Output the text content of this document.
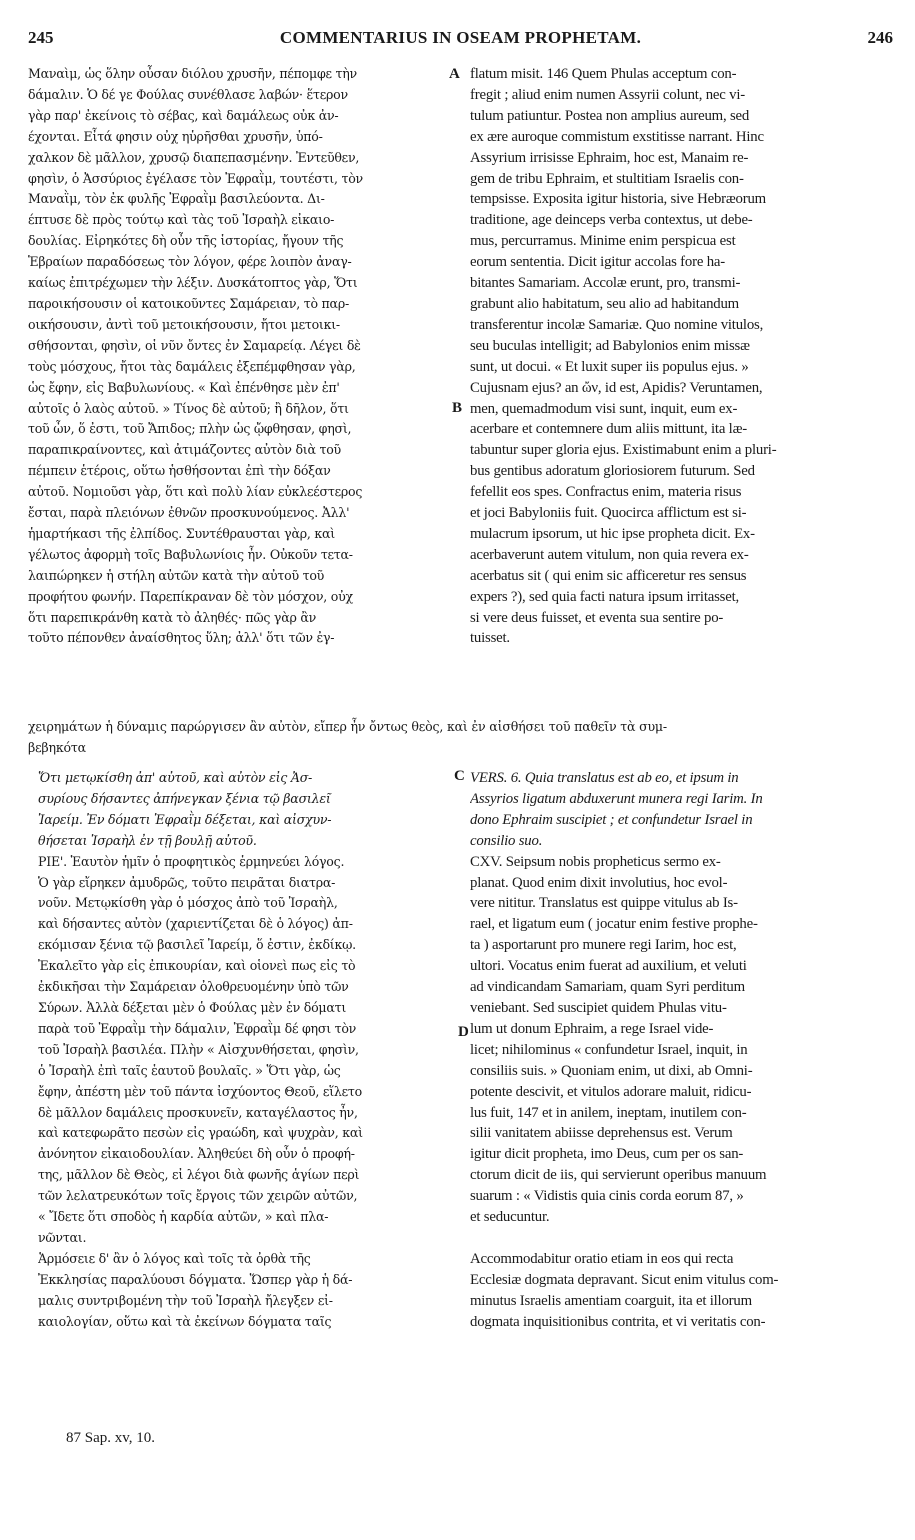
245	COMMENTARIUS IN OSEAM PROPHETAM.	246
Μαναὶμ, ὡς ὅλην οὖσαν διόλου χρυσῆν, πέπομφε τὴν
δάμαλιν. Ὁ δέ γε Φούλας συνέθλασε λαβών· ἕτερον
γὰρ παρ' ἐκείνοις τὸ σέβας, καὶ δαμάλεως οὐκ ἀν-
έχονται. Εἶτά φησιν οὐχ ηὑρῆσθαι χρυσῆν, ὑπό-
χαλκον δὲ μᾶλλον, χρυσῷ διαπεπασμένην. Ἐντεῦθεν,
φησὶν, ὁ Ἀσσύριος ἐγέλασε τὸν Ἐφραῒμ, τουτέστι, τὸν
Μαναῒμ, τὸν ἐκ φυλῆς Ἐφραῒμ βασιλεύοντα. Δι-
έπτυσε δὲ πρὸς τούτῳ καὶ τὰς τοῦ Ἰσραὴλ εἰκαιο-
δουλίας. Εἰρηκότες δὴ οὖν τῆς ἱστορίας, ἤγουν τῆς
Ἑβραίων παραδόσεως τὸν λόγον, φέρε λοιπὸν ἀναγ-
καίως ἐπιτρέχωμεν τὴν λέξιν. Δυσκάτοπτος γὰρ, Ὅτι
παροικήσουσιν οἱ κατοικοῦντες Σαμάρειαν, τὸ παρ-
οικήσουσιν, ἀντὶ τοῦ μετοικήσουσιν, ἤτοι μετοικι-
σθήσονται, φησὶν, οἱ νῦν ὄντες ἐν Σαμαρείᾳ. Λέγει δὲ
τοὺς μόσχους, ἤτοι τὰς δαμάλεις ἐξεπέμφθησαν γὰρ,
ὡς ἔφην, εἰς Βαβυλωνίους. « Καὶ ἐπένθησε μὲν ἐπ'
αὐτοῖς ὁ λαὸς αὐτοῦ. » Τίνος δὲ αὐτοῦ; ἢ δῆλον, ὅτι
τοῦ ὦν, ὅ ἐστι, τοῦ Ἄπιδος; πλὴν ὡς ᾤφθησαν, φησὶ,
παραπικραίνοντες, καὶ ἀτιμάζοντες αὐτὸν διὰ τοῦ
πέμπειν ἑτέροις, οὕτω ἡσθήσονται ἐπὶ τὴν δόξαν
αὐτοῦ. Νομιοῦσι γὰρ, ὅτι καὶ πολὺ λίαν εὐκλεέστερος
ἔσται, παρὰ πλειόνων ἐθνῶν προσκυνούμενος. Ἀλλ'
ἡμαρτήκασι τῆς ἐλπίδος. Συντέθραυσται γὰρ, καὶ
γέλωτος ἀφορμὴ τοῖς Βαβυλωνίοις ἦν. Οὐκοῦν τετα-
λαιπώρηκεν ἡ στήλη αὐτῶν κατὰ τὴν αὐτοῦ τοῦ
προφήτου φωνήν. Παρεπίκραναν δὲ τὸν μόσχον, οὐχ
ὅτι παρεπικράνθη κατὰ τὸ ἀληθές· πῶς γὰρ ἂν
τοῦτο πέπονθεν ἀναίσθητος ὕλη; ἀλλ' ὅτι τῶν ἐγ-
flatum misit. 146 Quem Phulas acceptum con-
fregit ; aliud enim numen Assyrii colunt, nec vi-
tulum patiuntur. Postea non amplius aureum, sed
ex ære auroque commistum exstitisse narrant. Hinc
Assyrium irrisisse Ephraim, hoc est, Manaim re-
gem de tribu Ephraim, et stultitiam Israelis con-
tempsisse. Exposita igitur historia, sive Hebræorum
traditione, age deinceps verba contextus, ut debe-
mus, percurramus. Minime enim perspicua est
eorum sententia. Dicit igitur accolas fore ha-
bitantes Samariam. Accolæ erunt, pro, transmi-
grabunt alio habitatum, seu alio ad habitandum
transferentur incolæ Samariæ. Quo nomine vitulos,
seu buculas intelligit; ad Babylonios enim missæ
sunt, ut docui. « Et luxit super iis populus ejus. »
Cujusnam ejus? an ὤν, id est, Apidis? Veruntamen,
men, quemadmodum visi sunt, inquit, eum ex-
acerbare et contemnere dum aliis mittunt, ita læ-
tabuntur super gloria ejus. Existimabunt enim a pluri-
bus gentibus adoratum gloriosiorem futurum. Sed
fefellit eos spes. Confractus enim, materia risus
et joci Babyloniis fuit. Quocirca afflictum est si-
mulacrum ipsorum, ut hic ipse propheta dicit. Ex-
acerbaverunt autem vitulum, non quia revera ex-
acerbatus sit ( qui enim sic afficeretur res sensus
expers ?), sed quia facti natura ipsum irritasset,
si vere deus fuisset, et eventa sua sentire po-
tuisset.
χειρημάτων ἡ δύναμις παρώργισεν ἂν αὐτὸν, εἴπερ ἦν ὄντως θεὸς, καὶ ἐν αἰσθήσει τοῦ παθεῖν τὰ συμ-
βεβηκότα
Ὅτι μετῳκίσθη ἀπ' αὐτοῦ, καὶ αὐτὸν εἰς Ἀσ-
συρίους δήσαντες ἀπήνεγκαν ξένια τῷ βασιλεῖ
Ἰαρείμ. Ἐν δόματι Ἐφραῒμ δέξεται, καὶ αἰσχυν-
θήσεται Ἰσραὴλ ἐν τῇ βουλῇ αὐτοῦ.
ΡΙΕ'. Ἑαυτὸν ἡμῖν ὁ προφητικὸς ἑρμηνεύει λόγος.
Ὁ γὰρ εἴρηκεν ἀμυδρῶς, τοῦτο πειρᾶται διατρα-
νοῦν. Μετῳκίσθη γὰρ ὁ μόσχος ἀπὸ τοῦ Ἰσραὴλ,
καὶ δήσαντες αὐτὸν (χαριεντίζεται δὲ ὁ λόγος) ἀπ-
εκόμισαν ξένια τῷ βασιλεῖ Ἰαρείμ, ὅ ἐστιν, ἐκδίκῳ.
Ἐκαλεῖτο γὰρ εἰς ἐπικουρίαν, καὶ οἱονεὶ πως εἰς τὸ
ἐκδικῆσαι τὴν Σαμάρειαν ὀλοθρευομένην ὑπὸ τῶν
Σύρων. Ἀλλὰ δέξεται μὲν ὁ Φούλας μὲν ἐν δόματι
παρὰ τοῦ Ἐφραῒμ τὴν δάμαλιν, Ἐφραῒμ δέ φησι τὸν
τοῦ Ἰσραὴλ βασιλέα. Πλὴν « Αἰσχυνθήσεται, φησὶν,
ὁ Ἰσραὴλ ἐπὶ ταῖς ἑαυτοῦ βουλαῖς. » Ὅτι γὰρ, ὡς
ἔφην, ἀπέστη μὲν τοῦ πάντα ἰσχύοντος Θεοῦ, εἵλετο
δὲ μᾶλλον δαμάλεις προσκυνεῖν, καταγέλαστος ἦν,
καὶ κατεφωρᾶτο πεσὼν εἰς γραώδη, καὶ ψυχρὰν, καὶ
ἀνόνητον εἰκαιοδουλίαν. Ἀληθεύει δὴ οὖν ὁ προφή-
της, μᾶλλον δὲ Θεὸς, εἰ λέγοι διὰ φωνῆς ἁγίων περὶ
τῶν λελατρευκότων τοῖς ἔργοις τῶν χειρῶν αὐτῶν,
« Ἴδετε ὅτι σποδὸς ἡ καρδία αὐτῶν, » καὶ πλα-
νῶνται.
Ἁρμόσειε δ' ἂν ὁ λόγος καὶ τοῖς τὰ ὀρθὰ τῆς
Ἐκκλησίας παραλύουσι δόγματα. Ὥσπερ γὰρ ἡ δά-
μαλις συντριβομένη τὴν τοῦ Ἰσραὴλ ἤλεγξεν εἰ-
καιολογίαν, οὕτω καὶ τὰ ἐκείνων δόγματα ταῖς
VERS. 6. Quia translatus est ab eo, et ipsum in
Assyrios ligatum abduxerunt munera regi Iarim. In
dono Ephraim suscipiet ; et confundetur Israel in
consilio suo.
CXV. Seipsum nobis propheticus sermo ex-
planat. Quod enim dixit involutius, hoc evol-
vere nititur. Translatus est quippe vitulus ab Is-
rael, et ligatum eum ( jocatur enim festive prophe-
ta ) asportarunt pro munere regi Iarim, hoc est,
ultori. Vocatus enim fuerat ad auxilium, et veluti
ad vindicandam Samariam, quam Syri perditum
veniebant. Sed suscipiet quidem Phulas vitu-
lum ut donum Ephraim, a rege Israel vide-
licet; nihilominus « confundetur Israel, inquit, in
consiliis suis. » Quoniam enim, ut dixi, ab Omni-
potente descivit, et vitulos adorare maluit, ridicu-
lus fuit, 147 et in anilem, ineptam, inutilem con-
silii vanitatem abiisse deprehensus est. Verum
igitur dicit propheta, imo Deus, cum per os san-
ctorum dicit de iis, qui servierunt operibus manuum
suarum : « Vidistis quia cinis corda eorum 87, »
et seducuntur.

Accommodabitur oratio etiam in eos qui recta
Ecclesiæ dogmata depravant. Sicut enim vitulus com-
minutus Israelis amentiam coarguit, ita et illorum
dogmata inquisitionibus contrita, et vi veritatis con-
A
B
C
D
87 Sap. xv, 10.
